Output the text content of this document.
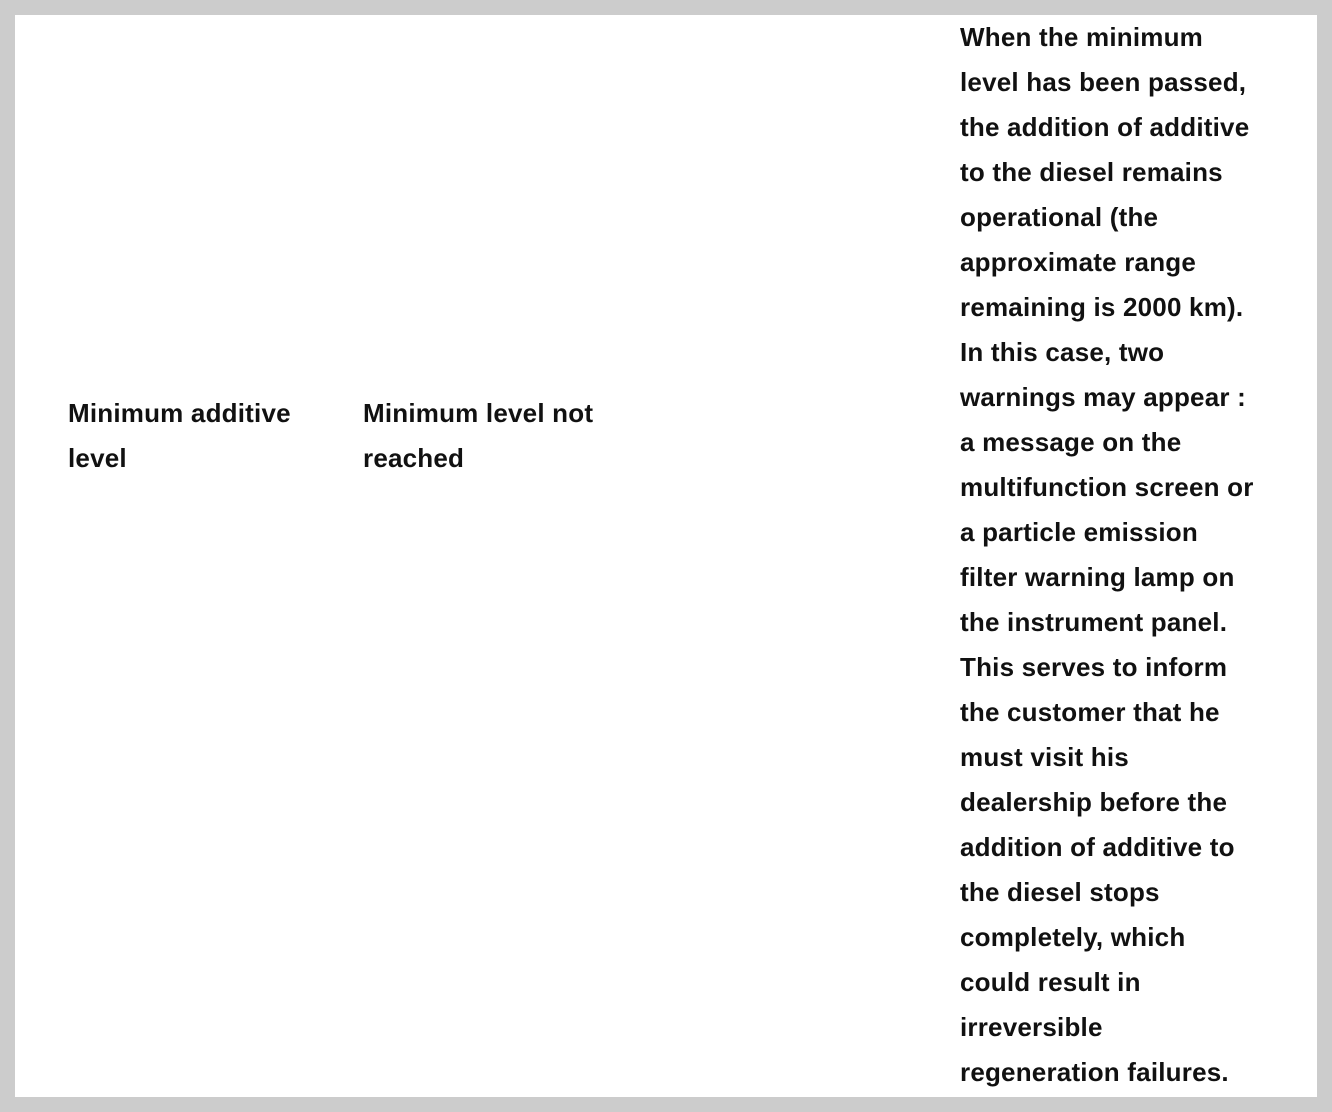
Minimum additive
level
Minimum level not
reached
When the minimum
level has been passed,
the addition of additive
to the diesel remains
operational (the
approximate range
remaining is 2000 km).
In this case, two
warnings may appear :
a message on the
multifunction screen or
a particle emission
filter warning lamp on
the instrument panel.
This serves to inform
the customer that he
must visit his
dealership before the
addition of additive to
the diesel stops
completely, which
could result in
irreversible
regeneration failures.
